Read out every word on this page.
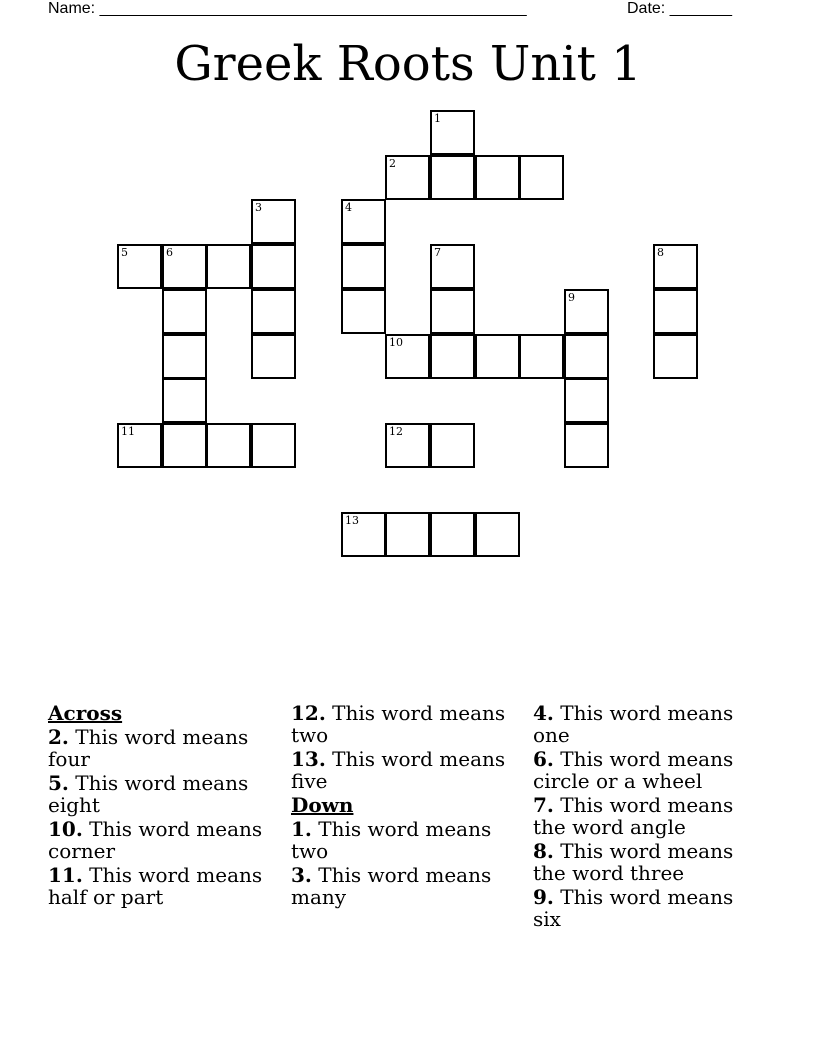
Name: ________________________________________________	Date: _______
Greek Roots Unit 1
1
2
3	4
5	6	7	8
9
10
11	12
13
Across
2. This word means four
5. This word means eight
10. This word means corner
11. This word means half or part
12. This word means two
13. This word means five
Down
1. This word means two
3. This word means many
4. This word means one
6. This word means circle or a wheel
7. This word means the word angle
8. This word means the word three
9. This word means six
